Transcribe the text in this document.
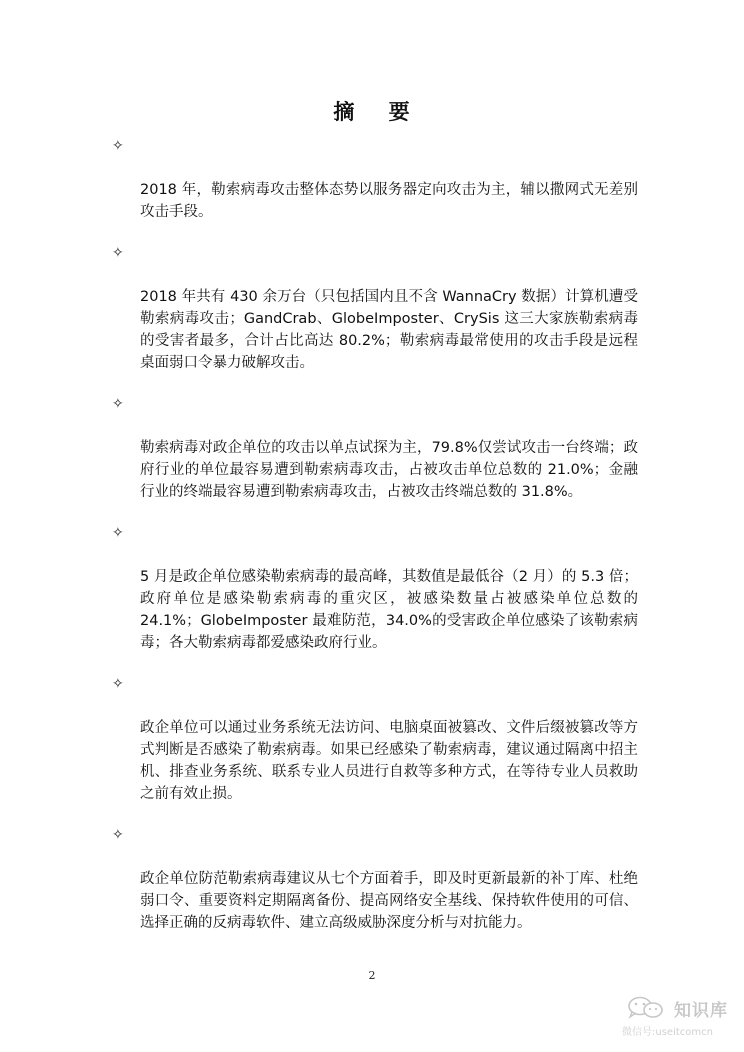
摘    要

✧

2018 年，勒索病毒攻击整体态势以服务器定向攻击为主，辅以撒网式无差别攻击手段。

✧

2018 年共有 430 余万台（只包括国内且不含 WannaCry 数据）计算机遭受勒索病毒攻击；GandCrab、GlobeImposter、CrySis 这三大家族勒索病毒的受害者最多，合计占比高达 80.2%；勒索病毒最常使用的攻击手段是远程桌面弱口令暴力破解攻击。

✧

勒索病毒对政企单位的攻击以单点试探为主，79.8%仅尝试攻击一台终端；政府行业的单位最容易遭到勒索病毒攻击，占被攻击单位总数的 21.0%；金融行业的终端最容易遭到勒索病毒攻击，占被攻击终端总数的 31.8%。

✧

5 月是政企单位感染勒索病毒的最高峰，其数值是最低谷（2 月）的 5.3 倍；政府单位是感染勒索病毒的重灾区，被感染数量占被感染单位总数的 24.1%；GlobeImposter 最难防范，34.0%的受害政企单位感染了该勒索病毒；各大勒索病毒都爱感染政府行业。

✧

政企单位可以通过业务系统无法访问、电脑桌面被篡改、文件后缀被篡改等方式判断是否感染了勒索病毒。如果已经感染了勒索病毒，建议通过隔离中招主机、排查业务系统、联系专业人员进行自救等多种方式，在等待专业人员救助之前有效止损。

✧

政企单位防范勒索病毒建议从七个方面着手，即及时更新最新的补丁库、杜绝弱口令、重要资料定期隔离备份、提高网络安全基线、保持软件使用的可信、选择正确的反病毒软件、建立高级威胁深度分析与对抗能力。

2
知识库
微信号:useitcomcn
